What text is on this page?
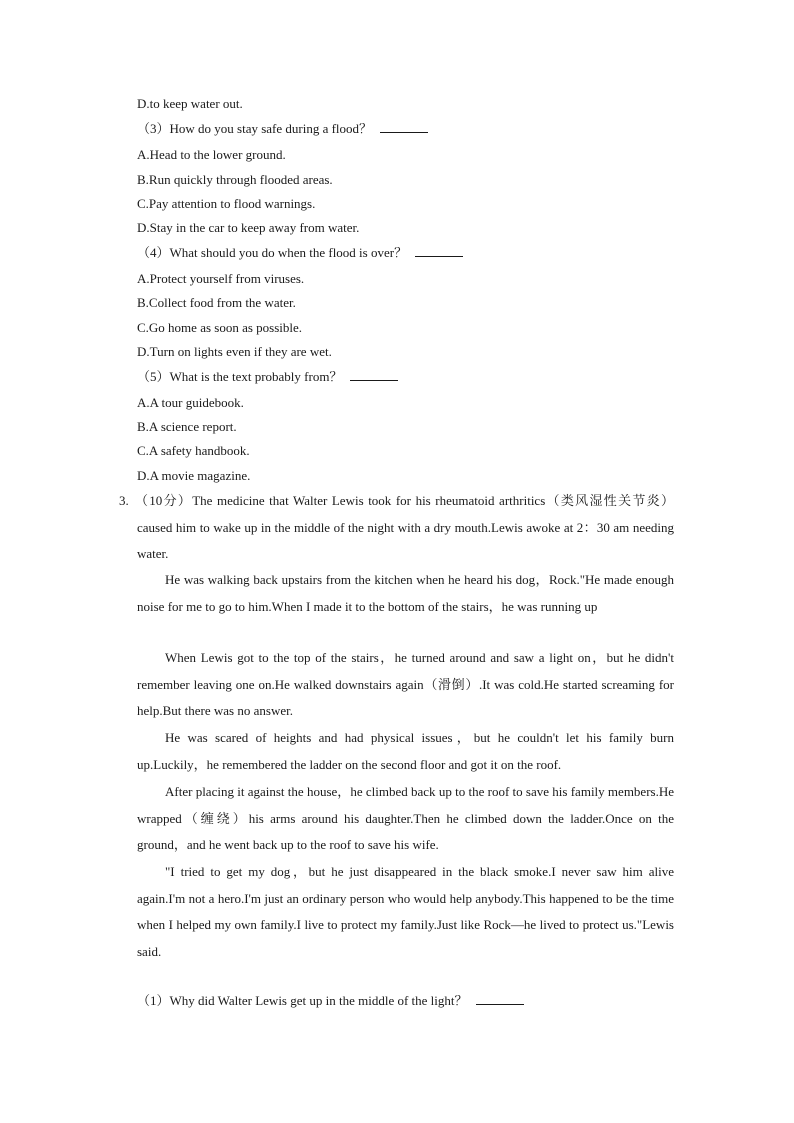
D.to keep water out.
（3）How do you stay safe during a flood？
A.Head to the lower ground.
B.Run quickly through flooded areas.
C.Pay attention to flood warnings.
D.Stay in the car to keep away from water.
（4）What should you do when the flood is over？
A.Protect yourself from viruses.
B.Collect food from the water.
C.Go home as soon as possible.
D.Turn on lights even if they are wet.
（5）What is the text probably from？
A.A tour guidebook.
B.A science report.
C.A safety handbook.
D.A movie magazine.
3. （10分）The medicine that Walter Lewis took for his rheumatoid arthritics（类风湿性关节炎）caused him to wake up in the middle of the night with a dry mouth.Lewis awoke at 2：30 am needing water.
He was walking back upstairs from the kitchen when he heard his dog，Rock."He made enough noise for me to go to him.When I made it to the bottom of the stairs，he was running up
When Lewis got to the top of the stairs，he turned around and saw a light on，but he didn't remember leaving one on.He walked downstairs again（滑倒）.It was cold.He started screaming for help.But there was no answer.
He was scared of heights and had physical issues，but he couldn't let his family burn up.Luckily，he remembered the ladder on the second floor and got it on the roof.
After placing it against the house，he climbed back up to the roof to save his family members.He wrapped（缠绕）his arms around his daughter.Then he climbed down the ladder.Once on the ground，and he went back up to the roof to save his wife.
"I tried to get my dog，but he just disappeared in the black smoke.I never saw him alive again.I'm not a hero.I'm just an ordinary person who would help anybody.This happened to be the time when I helped my own family.I live to protect my family.Just like Rock—he lived to protect us."Lewis said.
（1）Why did Walter Lewis get up in the middle of the light？
